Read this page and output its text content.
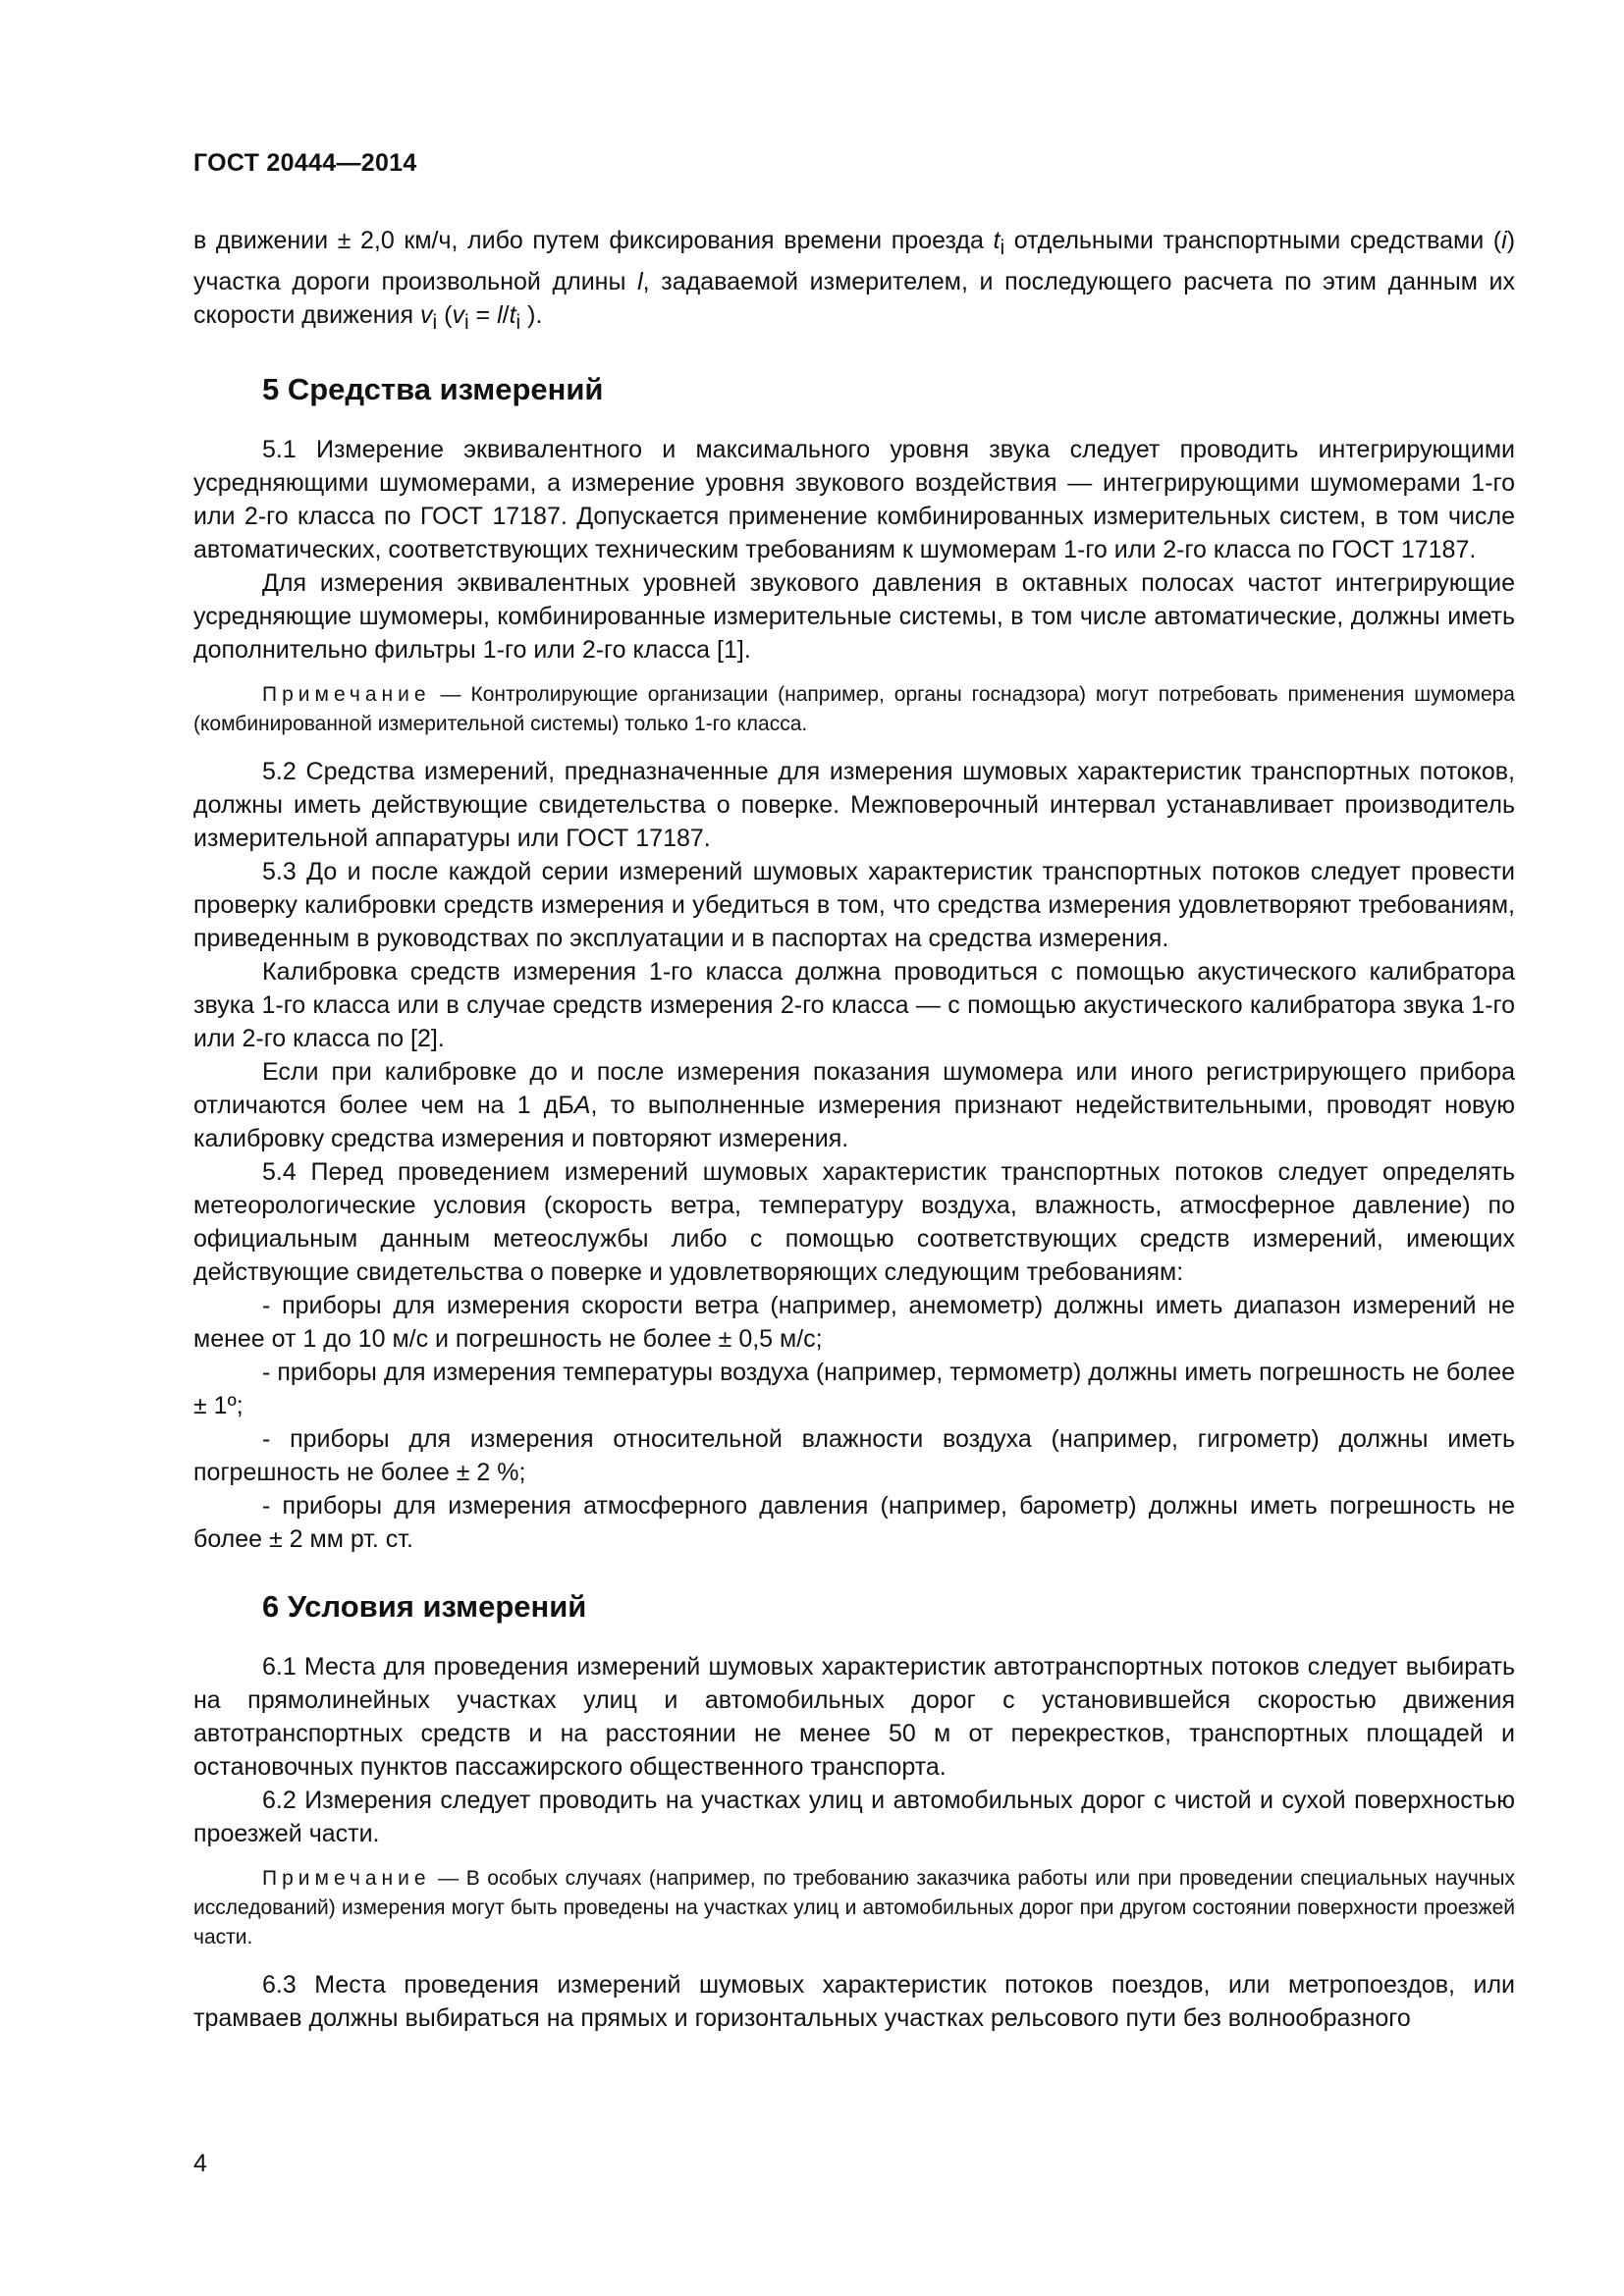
ГОСТ 20444—2014

в движении ± 2,0 км/ч, либо путем фиксирования времени проезда $t_i$ отдельными транспортными средствами (i) участка дороги произвольной длины l, задаваемой измерителем, и последующего расчета по этим данным их скорости движения $v_i$ ($v_i = l/t_i$ ).

5 Средства измерений

5.1 Измерение эквивалентного и максимального уровня звука следует проводить интегрирующими усредняющими шумомерами, а измерение уровня звукового воздействия — интегрирующими шумомерами 1-го или 2-го класса по ГОСТ 17187. Допускается применение комбинированных измерительных систем, в том числе автоматических, соответствующих техническим требованиям к шумомерам 1-го или 2-го класса по ГОСТ 17187.

Для измерения эквивалентных уровней звукового давления в октавных полосах частот интегрирующие усредняющие шумомеры, комбинированные измерительные системы, в том числе автоматические, должны иметь дополнительно фильтры 1-го или 2-го класса [1].

Примечание — Контролирующие организации (например, органы госнадзора) могут потребовать применения шумомера (комбинированной измерительной системы) только 1-го класса.

5.2 Средства измерений, предназначенные для измерения шумовых характеристик транспортных потоков, должны иметь действующие свидетельства о поверке. Межповерочный интервал устанавливает производитель измерительной аппаратуры или ГОСТ 17187.

5.3 До и после каждой серии измерений шумовых характеристик транспортных потоков следует провести проверку калибровки средств измерения и убедиться в том, что средства измерения удовлетворяют требованиям, приведенным в руководствах по эксплуатации и в паспортах на средства измерения.

Калибровка средств измерения 1-го класса должна проводиться с помощью акустического калибратора звука 1-го класса или в случае средств измерения 2-го класса — с помощью акустического калибратора звука 1-го или 2-го класса по [2].

Если при калибровке до и после измерения показания шумомера или иного регистрирующего прибора отличаются более чем на 1 дБА, то выполненные измерения признают недействительными, проводят новую калибровку средства измерения и повторяют измерения.

5.4 Перед проведением измерений шумовых характеристик транспортных потоков следует определять метеорологические условия (скорость ветра, температуру воздуха, влажность, атмосферное давление) по официальным данным метеослужбы либо с помощью соответствующих средств измерений, имеющих действующие свидетельства о поверке и удовлетворяющих следующим требованиям:

- приборы для измерения скорости ветра (например, анемометр) должны иметь диапазон измерений не менее от 1 до 10 м/с и погрешность не более ± 0,5 м/с;

- приборы для измерения температуры воздуха (например, термометр) должны иметь погрешность не более ± 1º;

- приборы для измерения относительной влажности воздуха (например, гигрометр) должны иметь погрешность не более ± 2 %;

- приборы для измерения атмосферного давления (например, барометр) должны иметь погрешность не более ± 2 мм рт. ст.

6 Условия измерений

6.1 Места для проведения измерений шумовых характеристик автотранспортных потоков следует выбирать на прямолинейных участках улиц и автомобильных дорог с установившейся скоростью движения автотранспортных средств и на расстоянии не менее 50 м от перекрестков, транспортных площадей и остановочных пунктов пассажирского общественного транспорта.

6.2 Измерения следует проводить на участках улиц и автомобильных дорог с чистой и сухой поверхностью проезжей части.

Примечание — В особых случаях (например, по требованию заказчика работы или при проведении специальных научных исследований) измерения могут быть проведены на участках улиц и автомобильных дорог при другом состоянии поверхности проезжей части.

6.3 Места проведения измерений шумовых характеристик потоков поездов, или метропоездов, или трамваев должны выбираться на прямых и горизонтальных участках рельсового пути без волнообразного

4
